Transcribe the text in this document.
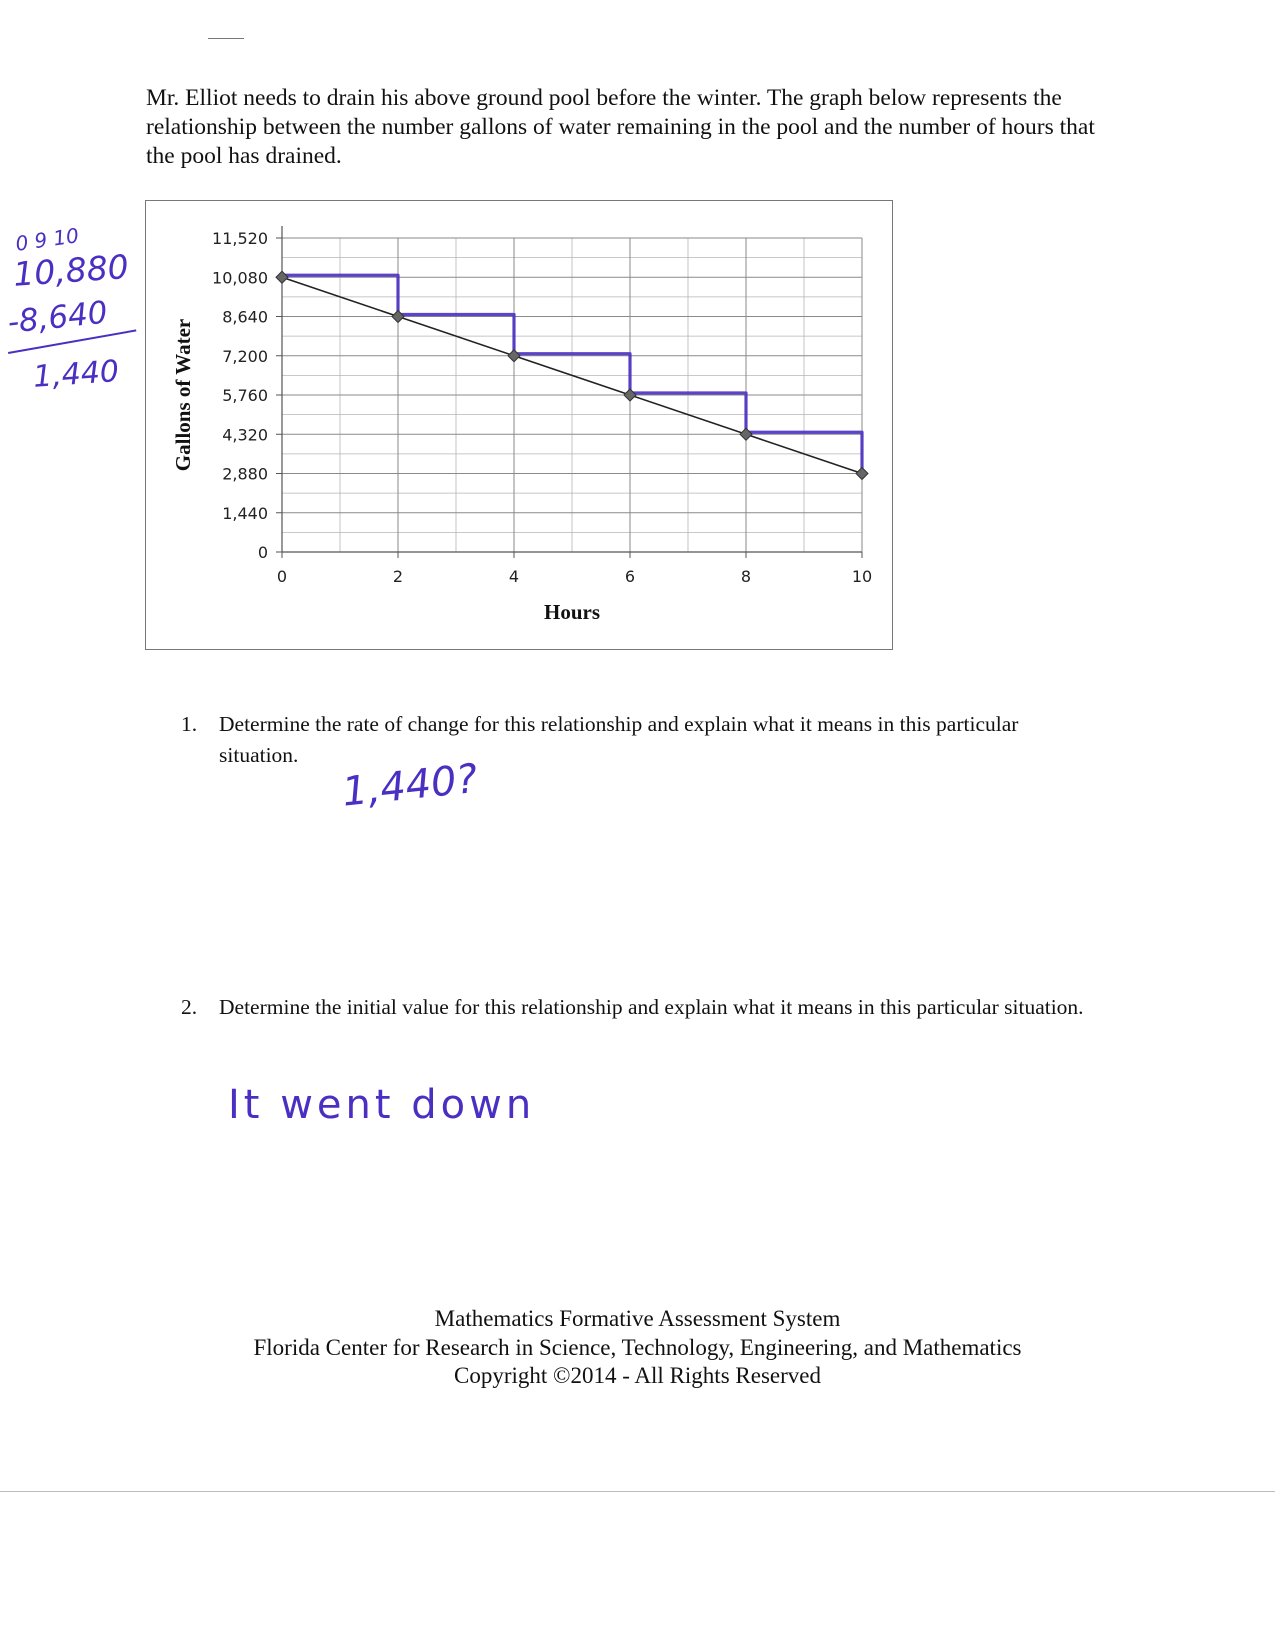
Mr. Elliot needs to drain his above ground pool before the winter. The graph below represents the relationship between the number gallons of water remaining in the pool and the number of hours that the pool has drained.
0 9 10
10,880
-8,640
1,440
0
1,440
2,880
4,320
5,760
7,200
8,640
10,080
11,520
0	2	4	6	8	10
Hours
Gallons of Water
1. Determine the rate of change for this relationship and explain what it means in this particular situation.
1,440?
2. Determine the initial value for this relationship and explain what it means in this particular situation.
It went down
Mathematics Formative Assessment System
Florida Center for Research in Science, Technology, Engineering, and Mathematics
Copyright ©2014 - All Rights Reserved
